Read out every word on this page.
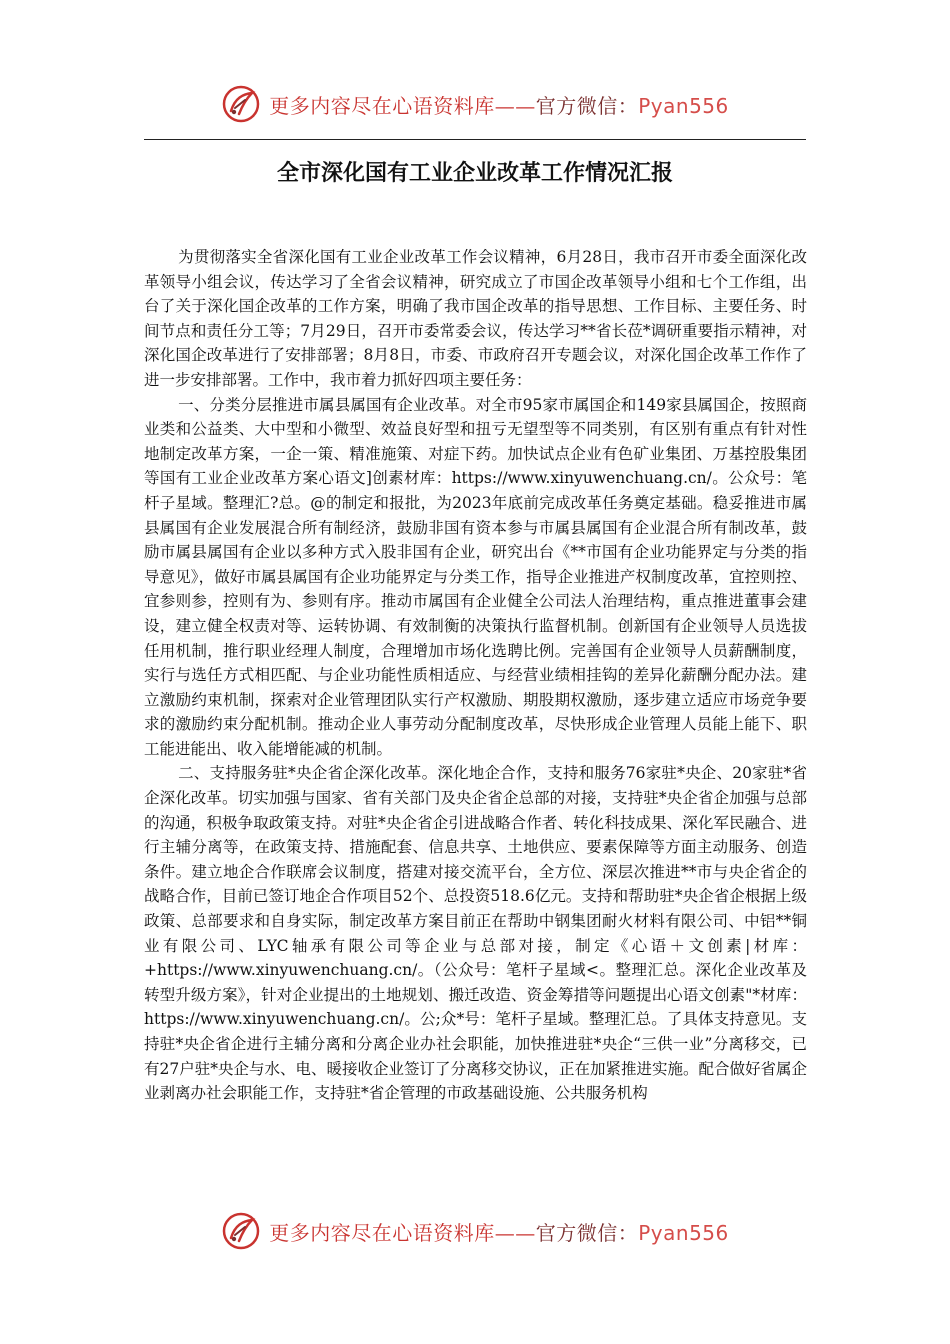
更多内容尽在心语资料库——官方微信：Pyan556
全市深化国有工业企业改革工作情况汇报

为贯彻落实全省深化国有工业企业改革工作会议精神，6月28日，我市召开市委全面深化改革领导小组会议，传达学习了全省会议精神，研究成立了市国企改革领导小组和七个工作组，出台了关于深化国企改革的工作方案，明确了我市国企改革的指导思想、工作目标、主要任务、时间节点和责任分工等；7月29日，召开市委常委会议，传达学习**省长莅*调研重要指示精神，对深化国企改革进行了安排部署；8月8日，市委、市政府召开专题会议，对深化国企改革工作作了进一步安排部署。工作中，我市着力抓好四项主要任务：

一、分类分层推进市属县属国有企业改革。对全市95家市属国企和149家县属国企，按照商业类和公益类、大中型和小微型、效益良好型和扭亏无望型等不同类别，有区别有重点有针对性地制定改革方案，一企一策、精准施策、对症下药。加快试点企业有色矿业集团、万基控股集团等国有工业企业改革方案心语文]创素材库：https://www.xinyuwenchuang.cn/。公众号：笔杆子星域。整理汇?总。@的制定和报批，为2023年底前完成改革任务奠定基础。稳妥推进市属县属国有企业发展混合所有制经济，鼓励非国有资本参与市属县属国有企业混合所有制改革，鼓励市属县属国有企业以多种方式入股非国有企业，研究出台《**市国有企业功能界定与分类的指导意见》，做好市属县属国有企业功能界定与分类工作，指导企业推进产权制度改革，宜控则控、宜参则参，控则有为、参则有序。推动市属国有企业健全公司法人治理结构，重点推进董事会建设，建立健全权责对等、运转协调、有效制衡的决策执行监督机制。创新国有企业领导人员选拔任用机制，推行职业经理人制度，合理增加市场化选聘比例。完善国有企业领导人员薪酬制度，实行与选任方式相匹配、与企业功能性质相适应、与经营业绩相挂钩的差异化薪酬分配办法。建立激励约束机制，探索对企业管理团队实行产权激励、期股期权激励，逐步建立适应市场竞争要求的激励约束分配机制。推动企业人事劳动分配制度改革，尽快形成企业管理人员能上能下、职工能进能出、收入能增能减的机制。

二、支持服务驻*央企省企深化改革。深化地企合作，支持和服务76家驻*央企、20家驻*省企深化改革。切实加强与国家、省有关部门及央企省企总部的对接，支持驻*央企省企加强与总部的沟通，积极争取政策支持。对驻*央企省企引进战略合作者、转化科技成果、深化军民融合、进行主辅分离等，在政策支持、措施配套、信息共享、土地供应、要素保障等方面主动服务、创造条件。建立地企合作联席会议制度，搭建对接交流平台，全方位、深层次推进**市与央企省企的战略合作，目前已签订地企合作项目52个、总投资518.6亿元。支持和帮助驻*央企省企根据上级政策、总部要求和自身实际，制定改革方案目前正在帮助中钢集团耐火材料有限公司、中铝**铜业有限公司、LYC轴承有限公司等企业与总部对接，制定《心语＋文创素|材库：+https://www.xinyuwenchuang.cn/。（公众号：笔杆子星域<。整理汇总。深化企业改革及转型升级方案》，针对企业提出的土地规划、搬迁改造、资金筹措等问题提出心语文创素"*材库：https://www.xinyuwenchuang.cn/。公;众*号：笔杆子星域。整理汇总。了具体支持意见。支持驻*央企省企进行主辅分离和分离企业办社会职能，加快推进驻*央企“三供一业”分离移交，已有27户驻*央企与水、电、暖接收企业签订了分离移交协议，正在加紧推进实施。配合做好省属企业剥离办社会职能工作，支持驻*省企管理的市政基础设施、公共服务机构

更多内容尽在心语资料库——官方微信：Pyan556
